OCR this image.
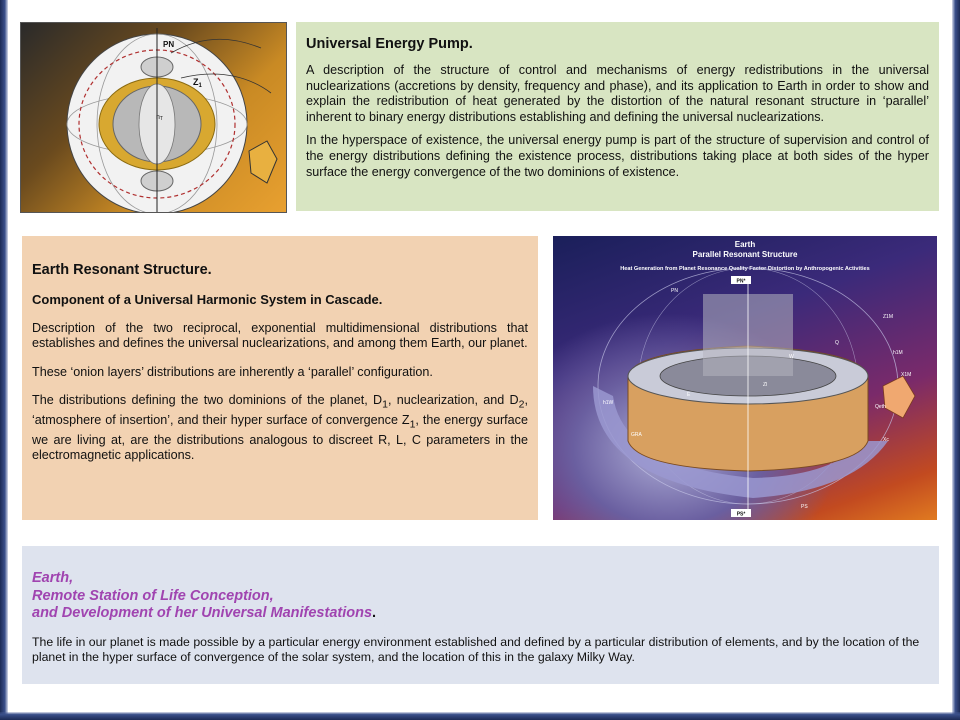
PN
$Z_1$
nT
Universal Energy Pump.

A description of the structure of control and mechanisms of energy redistributions in the universal nuclearizations (accretions by density, frequency and phase), and its application to Earth in order to show and explain the redistribution of heat generated by the distortion of the natural resonant structure in ‘parallel’ inherent to binary energy distributions establishing and defining the universal nuclearizations.

In the hyperspace of existence, the universal energy pump is part of the structure of supervision and control of the energy distributions defining the existence process, distributions taking place at both sides of the hyper surface the energy convergence of the two dominions of existence.

Earth Resonant Structure.
Component of a Universal Harmonic System in Cascade.

Description of the two reciprocal, exponential multidimensional distributions that establishes and defines the universal nuclearizations, and among them Earth, our planet.

These ‘onion layers’ distributions are inherently a ‘parallel’ configuration.

The distributions defining the two dominions of the planet, $D_1$, nuclearization, and $D_2$, ‘atmosphere of insertion’, and their hyper surface of convergence $Z_1$, the energy surface we are living at, are the distributions analogous to discreet R, L, C parameters in the electromagnetic applications.

Earth
Parallel Resonant Structure
Heat Generation from Planet Resonance Quality Factor Distortion by Anthropogenic Activities
PN*
PS*
PN
PS
GRA
Z1M
h1M
X1M
Q
W
Qeth
Xc
E
Zl
h1W
Earth,
Remote Station of Life Conception,
and Development of her Universal Manifestations.

The life in our planet is made possible by a particular energy environment established and defined by a particular distribution of elements, and by the location of the planet in the hyper surface of convergence of the solar system, and the location of this in the galaxy Milky Way.
